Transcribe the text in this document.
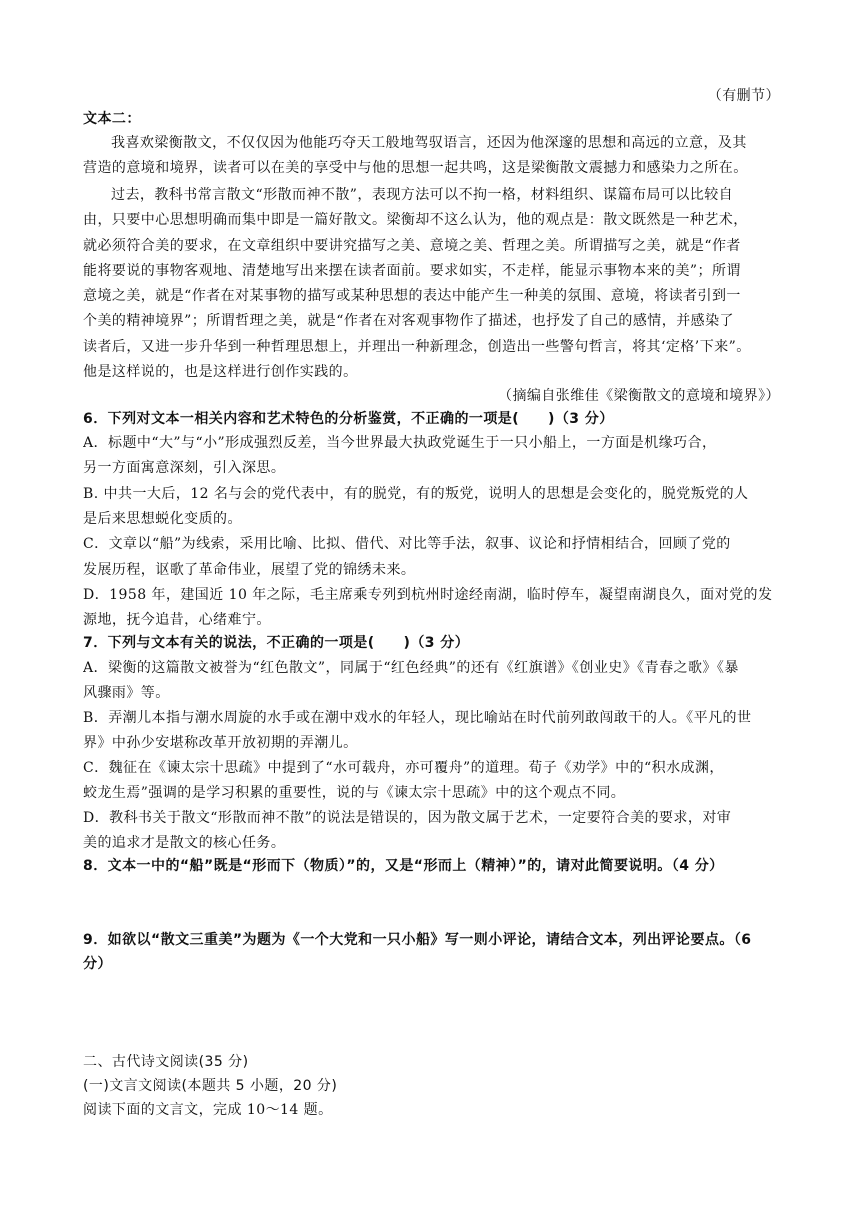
（有删节）
文本二：
我喜欢梁衡散文，不仅仅因为他能巧夺天工般地驾驭语言，还因为他深邃的思想和高远的立意，及其
营造的意境和境界，读者可以在美的享受中与他的思想一起共鸣，这是梁衡散文震撼力和感染力之所在。
过去，教科书常言散文“形散而神不散”，表现方法可以不拘一格，材料组织、谋篇布局可以比较自
由，只要中心思想明确而集中即是一篇好散文。梁衡却不这么认为，他的观点是：散文既然是一种艺术，
就必须符合美的要求，在文章组织中要讲究描写之美、意境之美、哲理之美。所谓描写之美，就是“作者
能将要说的事物客观地、清楚地写出来摆在读者面前。要求如实，不走样，能显示事物本来的美”；所谓
意境之美，就是“作者在对某事物的描写或某种思想的表达中能产生一种美的氛围、意境，将读者引到一
个美的精神境界”；所谓哲理之美，就是“作者在对客观事物作了描述，也抒发了自己的感情，并感染了
读者后，又进一步升华到一种哲理思想上，并理出一种新理念，创造出一些警句哲言，将其‘定格’下来”。
他是这样说的，也是这样进行创作实践的。
（摘编自张维佳《梁衡散文的意境和境界》）
6．下列对文本一相关内容和艺术特色的分析鉴赏，不正确的一项是(　　)（3 分）
A．标题中“大”与“小”形成强烈反差，当今世界最大执政党诞生于一只小船上，一方面是机缘巧合，
另一方面寓意深刻，引入深思。
B. 中共一大后，12 名与会的党代表中，有的脱党，有的叛党，说明人的思想是会变化的，脱党叛党的人
是后来思想蜕化变质的。
C．文章以“船”为线索，采用比喻、比拟、借代、对比等手法，叙事、议论和抒情相结合，回顾了党的
发展历程，讴歌了革命伟业，展望了党的锦绣未来。
D．1958 年，建国近 10 年之际，毛主席乘专列到杭州时途经南湖，临时停车，凝望南湖良久，面对党的发
源地，抚今追昔，心绪难宁。
7．下列与文本有关的说法，不正确的一项是(　　)（3 分）
A．梁衡的这篇散文被誉为“红色散文”，同属于“红色经典”的还有《红旗谱》《创业史》《青春之歌》《暴
风骤雨》等。
B．弄潮儿本指与潮水周旋的水手或在潮中戏水的年轻人，现比喻站在时代前列敢闯敢干的人。《平凡的世
界》中孙少安堪称改革开放初期的弄潮儿。
C．魏征在《谏太宗十思疏》中提到了“水可载舟，亦可覆舟”的道理。荀子《劝学》中的“积水成渊，
蛟龙生焉”强调的是学习积累的重要性，说的与《谏太宗十思疏》中的这个观点不同。
D．教科书关于散文“形散而神不散”的说法是错误的，因为散文属于艺术，一定要符合美的要求，对审
美的追求才是散文的核心任务。
8．文本一中的“船”既是“形而下（物质）”的，又是“形而上（精神）”的，请对此简要说明。（4 分）
9．如欲以“散文三重美”为题为《一个大党和一只小船》写一则小评论，请结合文本，列出评论要点。（6
分）
二、古代诗文阅读(35 分)
(一)文言文阅读(本题共 5 小题，20 分)
阅读下面的文言文，完成 10～14 题。
